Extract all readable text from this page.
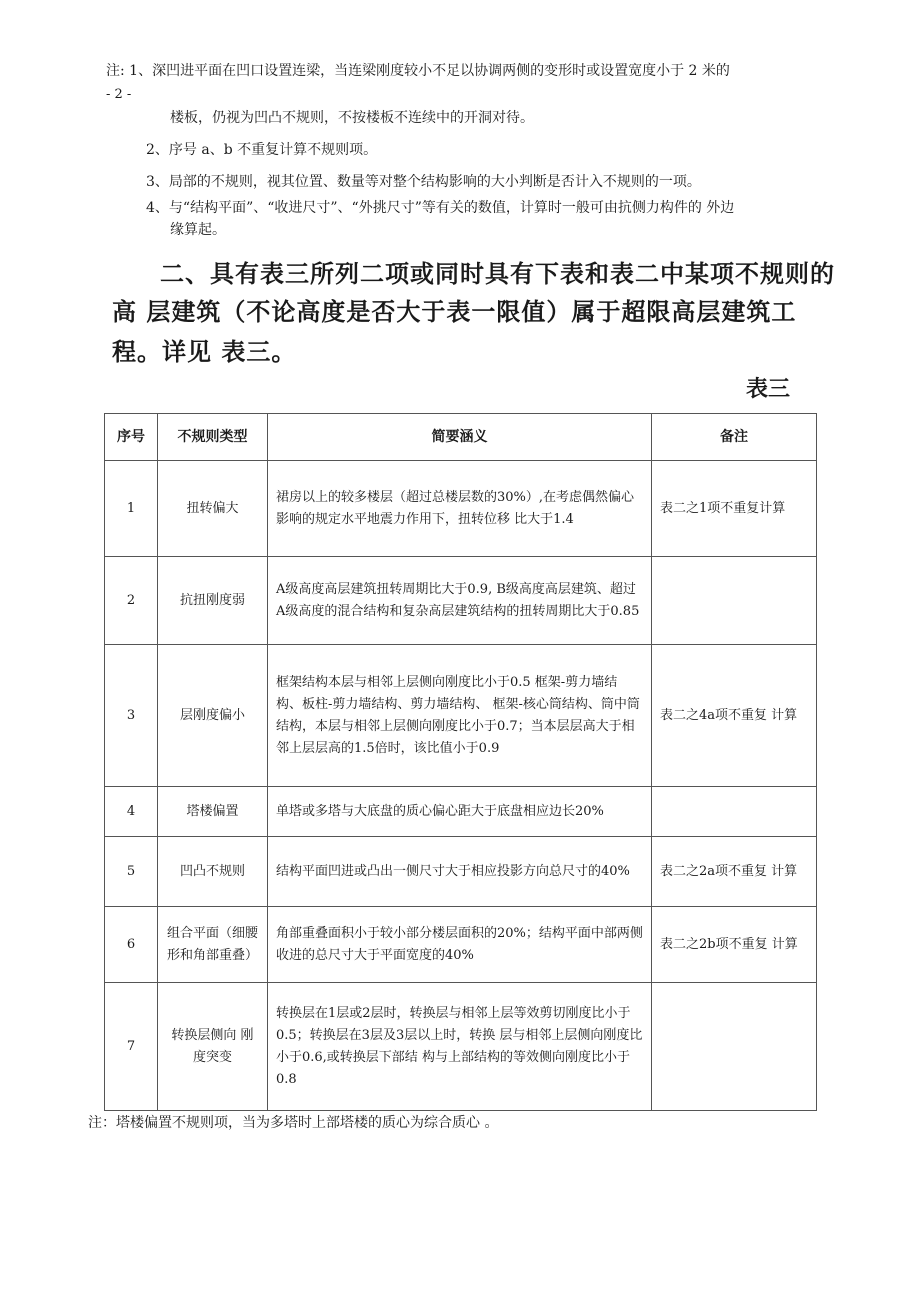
注: 1、深凹进平面在凹口设置连梁，当连梁刚度较小不足以协调两侧的变形时或设置宽度小于 2 米的
- 2 -
楼板，仍视为凹凸不规则，不按楼板不连续中的开洞对待。
2、序号 a、b 不重复计算不规则项。
3、局部的不规则，视其位置、数量等对整个结构影响的大小判断是否计入不规则的一项。
4、与“结构平面”、“收进尺寸”、“外挑尺寸”等有关的数值，计算时一般可由抗侧力构件的 外边
缘算起。
二、具有表三所列二项或同时具有下表和表二中某项不规则的
高 层建筑（不论高度是否大于表一限值）属于超限高层建筑工
程。详见 表三。
表三
序号	不规则类型	简要涵义	备注
1	扭转偏大	裙房以上的较多楼层（超过总楼层数的30%）,在考虑偶然偏心影响的规定水平地震力作用下，扭转位移 比大于1.4	表二之1项不重复计算
2	抗扭刚度弱	A级高度高层建筑扭转周期比大于0.9, B级高度高层建筑、超过A级高度的混合结构和复杂高层建筑结构的扭转周期比大于0.85	
3	层刚度偏小	框架结构本层与相邻上层侧向刚度比小于0.5 框架-剪力墙结构、板柱-剪力墙结构、剪力墙结构、 框架-核心筒结构、筒中筒结构，本层与相邻上层侧向刚度比小于0.7；当本层层高大于相邻上层层高的1.5倍时，该比值小于0.9	表二之4a项不重复 计算
4	塔楼偏置	单塔或多塔与大底盘的质心偏心距大于底盘相应边长20%	
5	凹凸不规则	结构平面凹进或凸出一侧尺寸大于相应投影方向总尺寸的40%	表二之2a项不重复 计算
6	组合平面（细腰形和角部重叠）	角部重叠面积小于较小部分楼层面积的20%；结构平面中部两侧收进的总尺寸大于平面宽度的40%	表二之2b项不重复 计算
7	转换层侧向 刚度突变	转换层在1层或2层时，转换层与相邻上层等效剪切刚度比小于0.5；转换层在3层及3层以上时，转换 层与相邻上层侧向刚度比小于0.6,或转换层下部结 构与上部结构的等效侧向刚度比小于0.8	
注：塔楼偏置不规则项，当为多塔时上部塔楼的质心为综合质心 。
